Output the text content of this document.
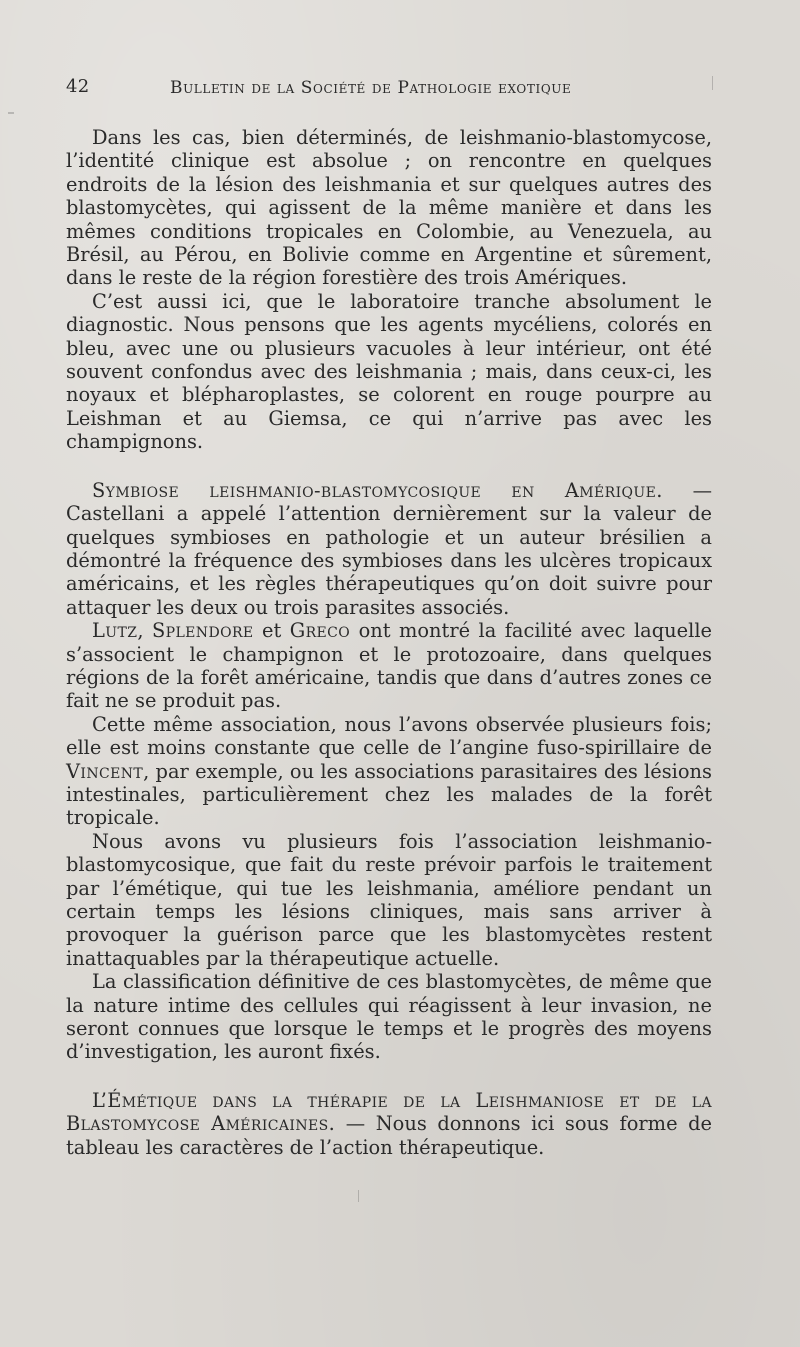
42	Bulletin de la Société de Pathologie exotique

Dans les cas, bien déterminés, de leishmanio-blastomycose, l’identité clinique est absolue ; on rencontre en quelques endroits de la lésion des leishmania et sur quelques autres des blastomycètes, qui agissent de la même manière et dans les mêmes conditions tropicales en Colombie, au Venezuela, au Brésil, au Pérou, en Bolivie comme en Argentine et sûrement, dans le reste de la région forestière des trois Amériques.

C’est aussi ici, que le laboratoire tranche absolument le diagnostic. Nous pensons que les agents mycéliens, colorés en bleu, avec une ou plusieurs vacuoles à leur intérieur, ont été souvent confondus avec des leishmania ; mais, dans ceux-ci, les noyaux et blépharoplastes, se colorent en rouge pourpre au Leishman et au Giemsa, ce qui n’arrive pas avec les champignons.

Symbiose leishmanio-blastomycosique en Amérique. — Castellani a appelé l’attention dernièrement sur la valeur de quelques symbioses en pathologie et un auteur brésilien a démontré la fréquence des symbioses dans les ulcères tropicaux américains, et les règles thérapeutiques qu’on doit suivre pour attaquer les deux ou trois parasites associés.

Lutz, Splendore et Greco ont montré la facilité avec laquelle s’associent le champignon et le protozoaire, dans quelques régions de la forêt américaine, tandis que dans d’autres zones ce fait ne se produit pas.

Cette même association, nous l’avons observée plusieurs fois; elle est moins constante que celle de l’angine fuso-spirillaire de Vincent, par exemple, ou les associations parasitaires des lésions intestinales, particulièrement chez les malades de la forêt tropicale.

Nous avons vu plusieurs fois l’association leishmanio-blastomycosique, que fait du reste prévoir parfois le traitement par l’émétique, qui tue les leishmania, améliore pendant un certain temps les lésions cliniques, mais sans arriver à provoquer la guérison parce que les blastomycètes restent inattaquables par la thérapeutique actuelle.

La classification définitive de ces blastomycètes, de même que la nature intime des cellules qui réagissent à leur invasion, ne seront connues que lorsque le temps et le progrès des moyens d’investigation, les auront fixés.

L’Émétique dans la thérapie de la Leishmaniose et de la Blastomycose Américaines. — Nous donnons ici sous forme de tableau les caractères de l’action thérapeutique.
